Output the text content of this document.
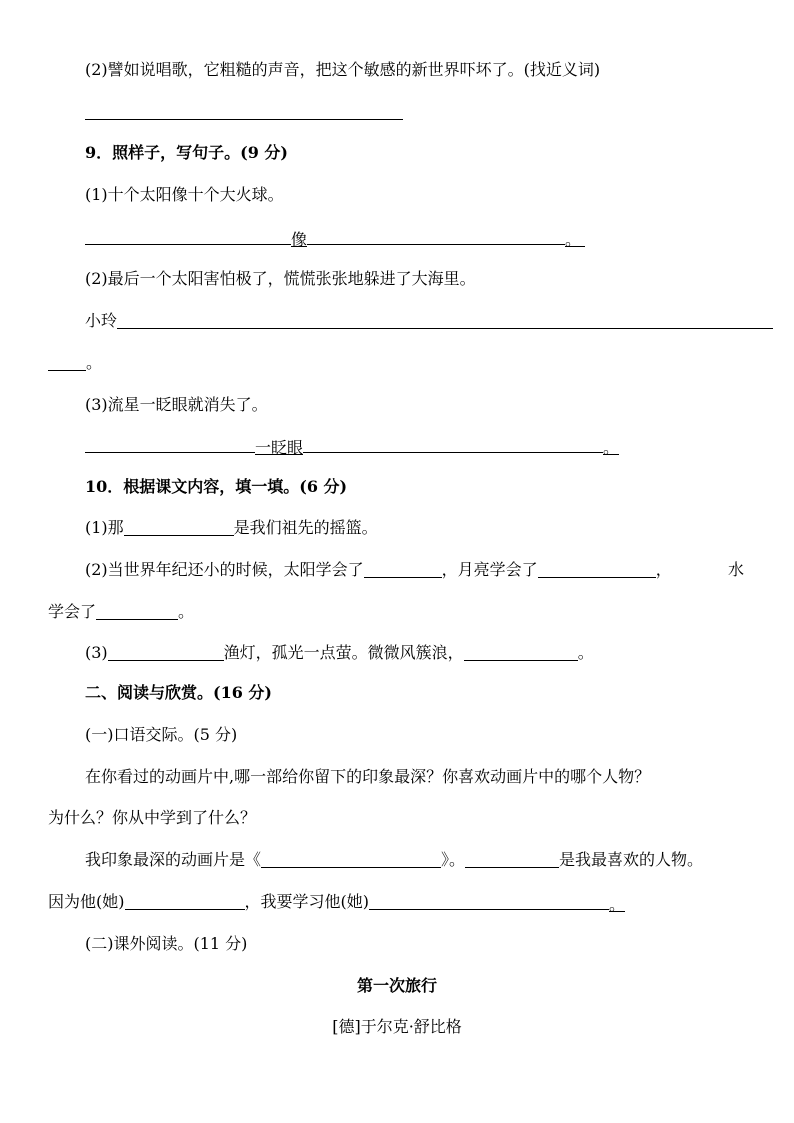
(2)譬如说唱歌，它粗糙的声音，把这个敏感的新世界吓坏了。(找近义词)
9．照样子，写句子。(9 分)
(1)十个太阳像十个大火球。
像	。
(2)最后一个太阳害怕极了，慌慌张张地躲进了大海里。
小玲
。
(3)流星一眨眼就消失了。
一眨眼	。
10．根据课文内容，填一填。(6 分)
(1)那	是我们祖先的摇篮。
(2)当世界年纪还小的时候，太阳学会了	，月亮学会了	，	水
学会了	。
(3)	渔灯，孤光一点萤。微微风簇浪，	。
二、阅读与欣赏。(16 分)
(一)口语交际。(5 分)
在你看过的动画片中,哪一部给你留下的印象最深？你喜欢动画片中的哪个人物？
为什么？你从中学到了什么？
我印象最深的动画片是《	》。	是我最喜欢的人物。
因为他(她)	，我要学习他(她)	。
(二)课外阅读。(11 分)
第一次旅行
[德]于尔克·舒比格
